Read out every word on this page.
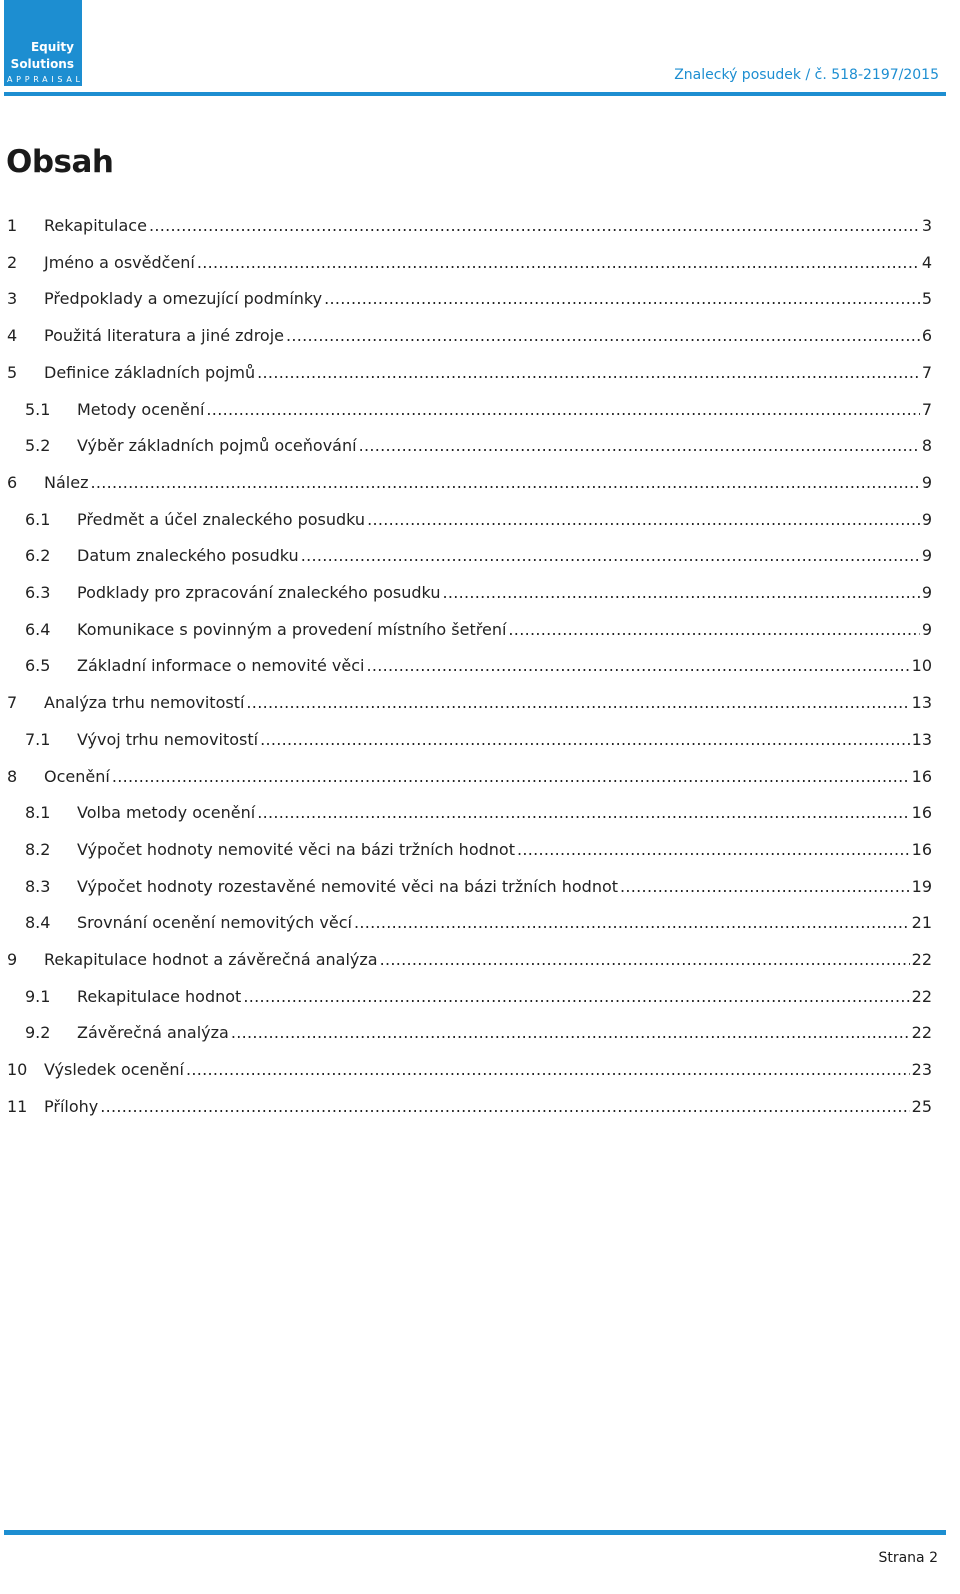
Equity
Solutions
APPRAISALS	Znalecký posudek / č. 518-2197/2015
Obsah
1 Rekapitulace .....	3
2 Jméno a osvědčení .....	4
3 Předpoklady a omezující podmínky .....	5
4 Použitá literatura a jiné zdroje .....	6
5 Definice základních pojmů .....	7
5.1 Metody ocenění .....	7
5.2 Výběr základních pojmů oceňování .....	8
6 Nález .....	9
6.1 Předmět a účel znaleckého posudku .....	9
6.2 Datum znaleckého posudku .....	9
6.3 Podklady pro zpracování znaleckého posudku .....	9
6.4 Komunikace s povinným a provedení místního šetření .....	9
6.5 Základní informace o nemovité věci .....	10
7 Analýza trhu nemovitostí .....	13
7.1 Vývoj trhu nemovitostí .....	13
8 Ocenění .....	16
8.1 Volba metody ocenění .....	16
8.2 Výpočet hodnoty nemovité věci na bázi tržních hodnot .....	16
8.3 Výpočet hodnoty rozestavěné nemovité věci na bázi tržních hodnot .....	19
8.4 Srovnání ocenění nemovitých věcí .....	21
9 Rekapitulace hodnot a závěrečná analýza .....	22
9.1 Rekapitulace hodnot .....	22
9.2 Závěrečná analýza .....	22
10 Výsledek ocenění .....	23
11 Přílohy .....	25
Strana 2
